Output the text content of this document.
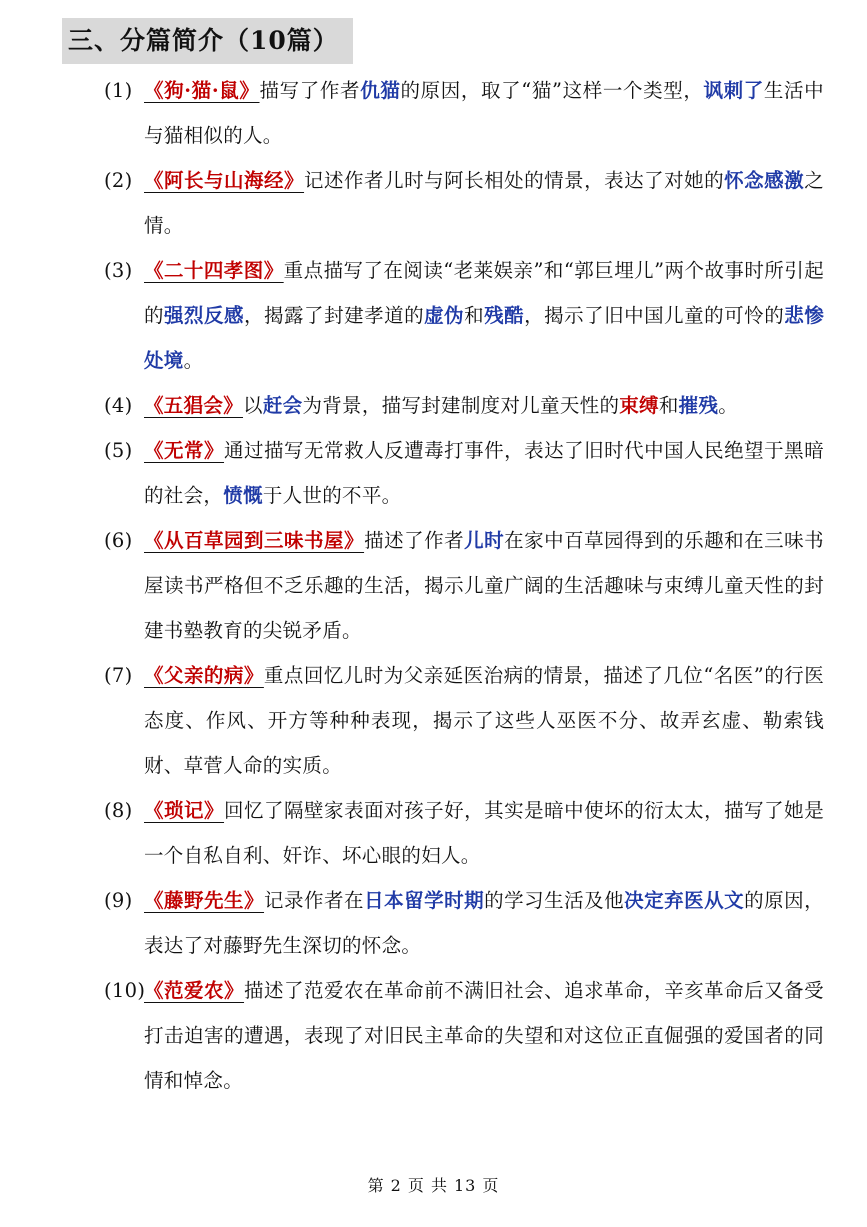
三、分篇简介（10篇）
(1) 《狗·猫·鼠》描写了作者仇猫的原因，取了“猫”这样一个类型，讽刺了生活中与猫相似的人。
(2) 《阿长与山海经》记述作者儿时与阿长相处的情景，表达了对她的怀念感激之情。
(3) 《二十四孝图》重点描写了在阅读“老莱娱亲”和“郭巨埋儿”两个故事时所引起的强烈反感，揭露了封建孝道的虚伪和残酷，揭示了旧中国儿童的可怜的悲惨处境。
(4) 《五猖会》以赶会为背景，描写封建制度对儿童天性的束缚和摧残。
(5) 《无常》通过描写无常救人反遭毒打事件，表达了旧时代中国人民绝望于黑暗的社会，愤慨于人世的不平。
(6) 《从百草园到三味书屋》描述了作者儿时在家中百草园得到的乐趣和在三味书屋读书严格但不乏乐趣的生活，揭示儿童广阔的生活趣味与束缚儿童天性的封建书塾教育的尖锐矛盾。
(7) 《父亲的病》重点回忆儿时为父亲延医治病的情景，描述了几位“名医”的行医态度、作风、开方等种种表现，揭示了这些人巫医不分、故弄玄虚、勒索钱财、草菅人命的实质。
(8) 《琐记》回忆了隔壁家表面对孩子好，其实是暗中使坏的衍太太，描写了她是一个自私自利、奸诈、坏心眼的妇人。
(9) 《藤野先生》记录作者在日本留学时期的学习生活及他决定弃医从文的原因，表达了对藤野先生深切的怀念。
(10)
《范爱农》描述了范爱农在革命前不满旧社会、追求革命，辛亥革命后又备受打击迫害的遭遇，表现了对旧民主革命的失望和对这位正直倔强的爱国者的同情和悼念。
第 2 页 共 13 页
